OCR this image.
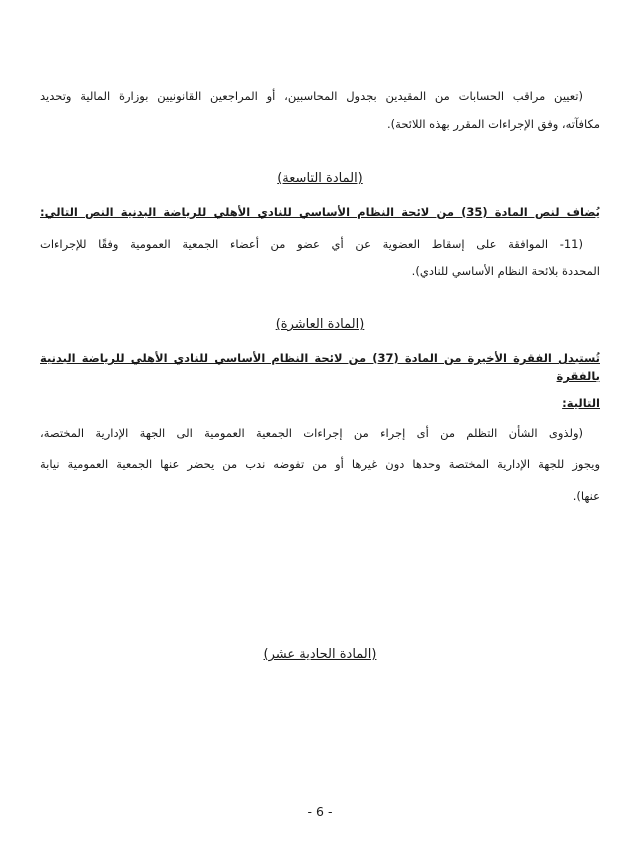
(تعيين مراقب الحسابات من المقيدين بجدول المحاسبين، أو المراجعين القانونيين بوزارة المالية وتحديد
مكافآته، وفق الإجراءات المقرر بهذه اللائحة).
(المادة التاسعة)
يُضاف لنص المادة (35) من لائحة النظام الأساسي للنادي الأهلي للرياضة البدنية النص التالي:
(11- الموافقة على إسقاط العضوية عن أي عضو من أعضاء الجمعية العمومية وفقًا للإجراءات
المحددة بلائحة النظام الأساسي للنادي).
(المادة العاشرة)
تُستبدل الفقرة الأخيرة من المادة (37) من لائحة النظام الأساسي للنادي الأهلي للرياضة البدنية بالفقرة
التالية:
(ولذوى الشأن التظلم من أى إجراء من إجراءات الجمعية العمومية الى الجهة الإدارية المختصة،
ويجوز للجهة الإدارية المختصة وحدها دون غيرها أو من تفوضه ندب من يحضر عنها الجمعية العمومية نيابة
عنها).
(المادة الحادية عشر)
- 6 -
